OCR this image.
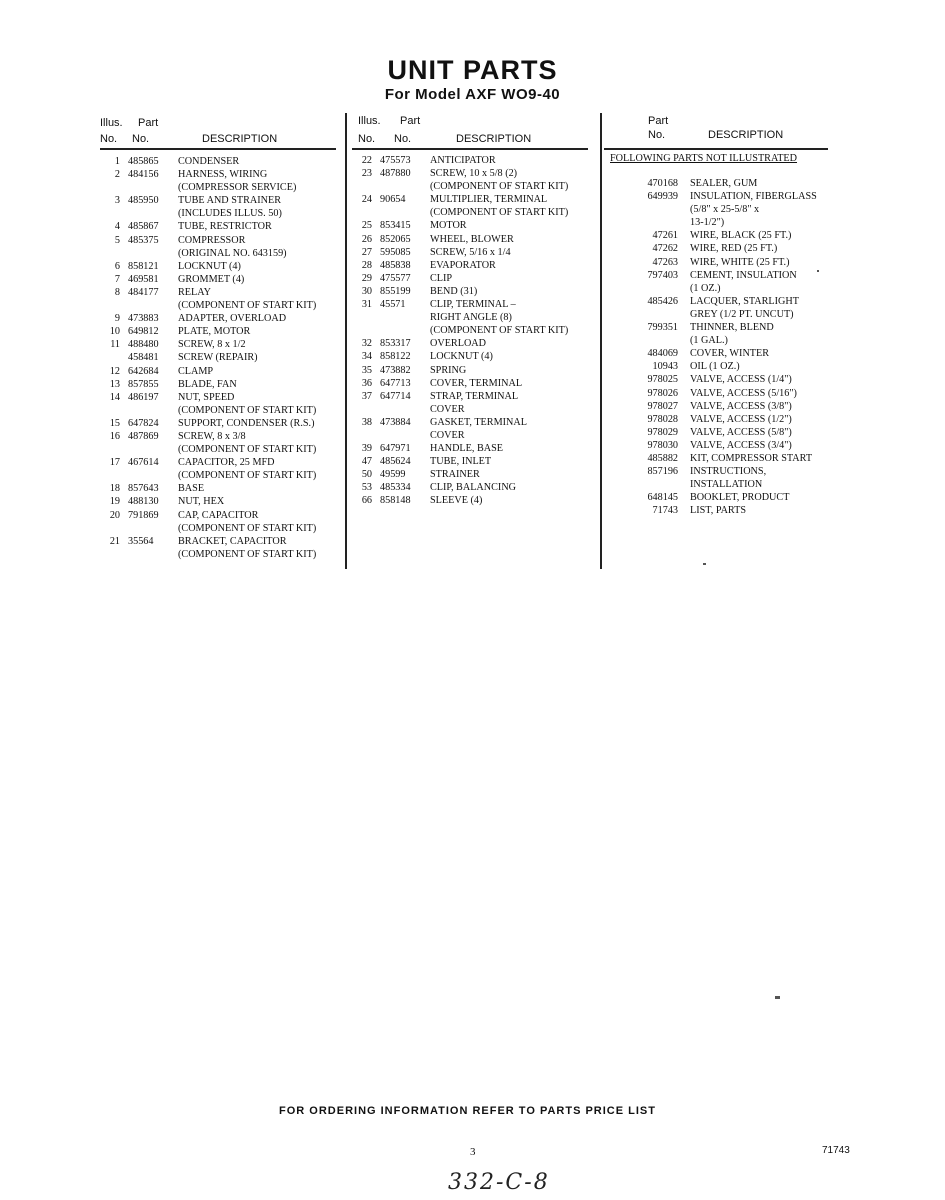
UNIT PARTS
For Model AXF WO9-40
Illus. Part
No. No.	DESCRIPTION
1 485865 CONDENSER
2 484156 HARNESS, WIRING
(COMPRESSOR SERVICE)
3 485950 TUBE AND STRAINER
(INCLUDES ILLUS. 50)
4 485867 TUBE, RESTRICTOR
5 485375 COMPRESSOR
(ORIGINAL NO. 643159)
6 858121 LOCKNUT (4)
7 469581 GROMMET (4)
8 484177 RELAY
(COMPONENT OF START KIT)
9 473883 ADAPTER, OVERLOAD
10 649812 PLATE, MOTOR
11 488480 SCREW, 8 x 1/2
458481 SCREW (REPAIR)
12 642684 CLAMP
13 857855 BLADE, FAN
14 486197 NUT, SPEED
(COMPONENT OF START KIT)
15 647824 SUPPORT, CONDENSER (R.S.)
16 487869 SCREW, 8 x 3/8
(COMPONENT OF START KIT)
17 467614 CAPACITOR, 25 MFD
(COMPONENT OF START KIT)
18 857643 BASE
19 488130 NUT, HEX
20 791869 CAP, CAPACITOR
(COMPONENT OF START KIT)
21 35564 BRACKET, CAPACITOR
(COMPONENT OF START KIT)
Illus. Part
No. No.	DESCRIPTION
22 475573 ANTICIPATOR
23 487880 SCREW, 10 x 5/8 (2)
(COMPONENT OF START KIT)
24 90654 MULTIPLIER, TERMINAL
(COMPONENT OF START KIT)
25 853415 MOTOR
26 852065 WHEEL, BLOWER
27 595085 SCREW, 5/16 x 1/4
28 485838 EVAPORATOR
29 475577 CLIP
30 855199 BEND (31)
31 45571 CLIP, TERMINAL –
RIGHT ANGLE (8)
(COMPONENT OF START KIT)
32 853317 OVERLOAD
34 858122 LOCKNUT (4)
35 473882 SPRING
36 647713 COVER, TERMINAL
37 647714 STRAP, TERMINAL
COVER
38 473884 GASKET, TERMINAL
COVER
39 647971 HANDLE, BASE
47 485624 TUBE, INLET
50 49599 STRAINER
53 485334 CLIP, BALANCING
66 858148 SLEEVE (4)
Part
No.	DESCRIPTION
FOLLOWING PARTS NOT ILLUSTRATED
470168 SEALER, GUM
649939 INSULATION, FIBERGLASS
(5/8" x 25-5/8" x
13-1/2")
47261 WIRE, BLACK (25 FT.)
47262 WIRE, RED (25 FT.)
47263 WIRE, WHITE (25 FT.)
797403 CEMENT, INSULATION
(1 OZ.)
485426 LACQUER, STARLIGHT
GREY (1/2 PT. UNCUT)
799351 THINNER, BLEND
(1 GAL.)
484069 COVER, WINTER
10943 OIL (1 OZ.)
978025 VALVE, ACCESS (1/4")
978026 VALVE, ACCESS (5/16")
978027 VALVE, ACCESS (3/8")
978028 VALVE, ACCESS (1/2")
978029 VALVE, ACCESS (5/8")
978030 VALVE, ACCESS (3/4")
485882 KIT, COMPRESSOR START
857196 INSTRUCTIONS,
INSTALLATION
648145 BOOKLET, PRODUCT
71743 LIST, PARTS
FOR ORDERING INFORMATION REFER TO PARTS PRICE LIST
3	71743
332-C-8
